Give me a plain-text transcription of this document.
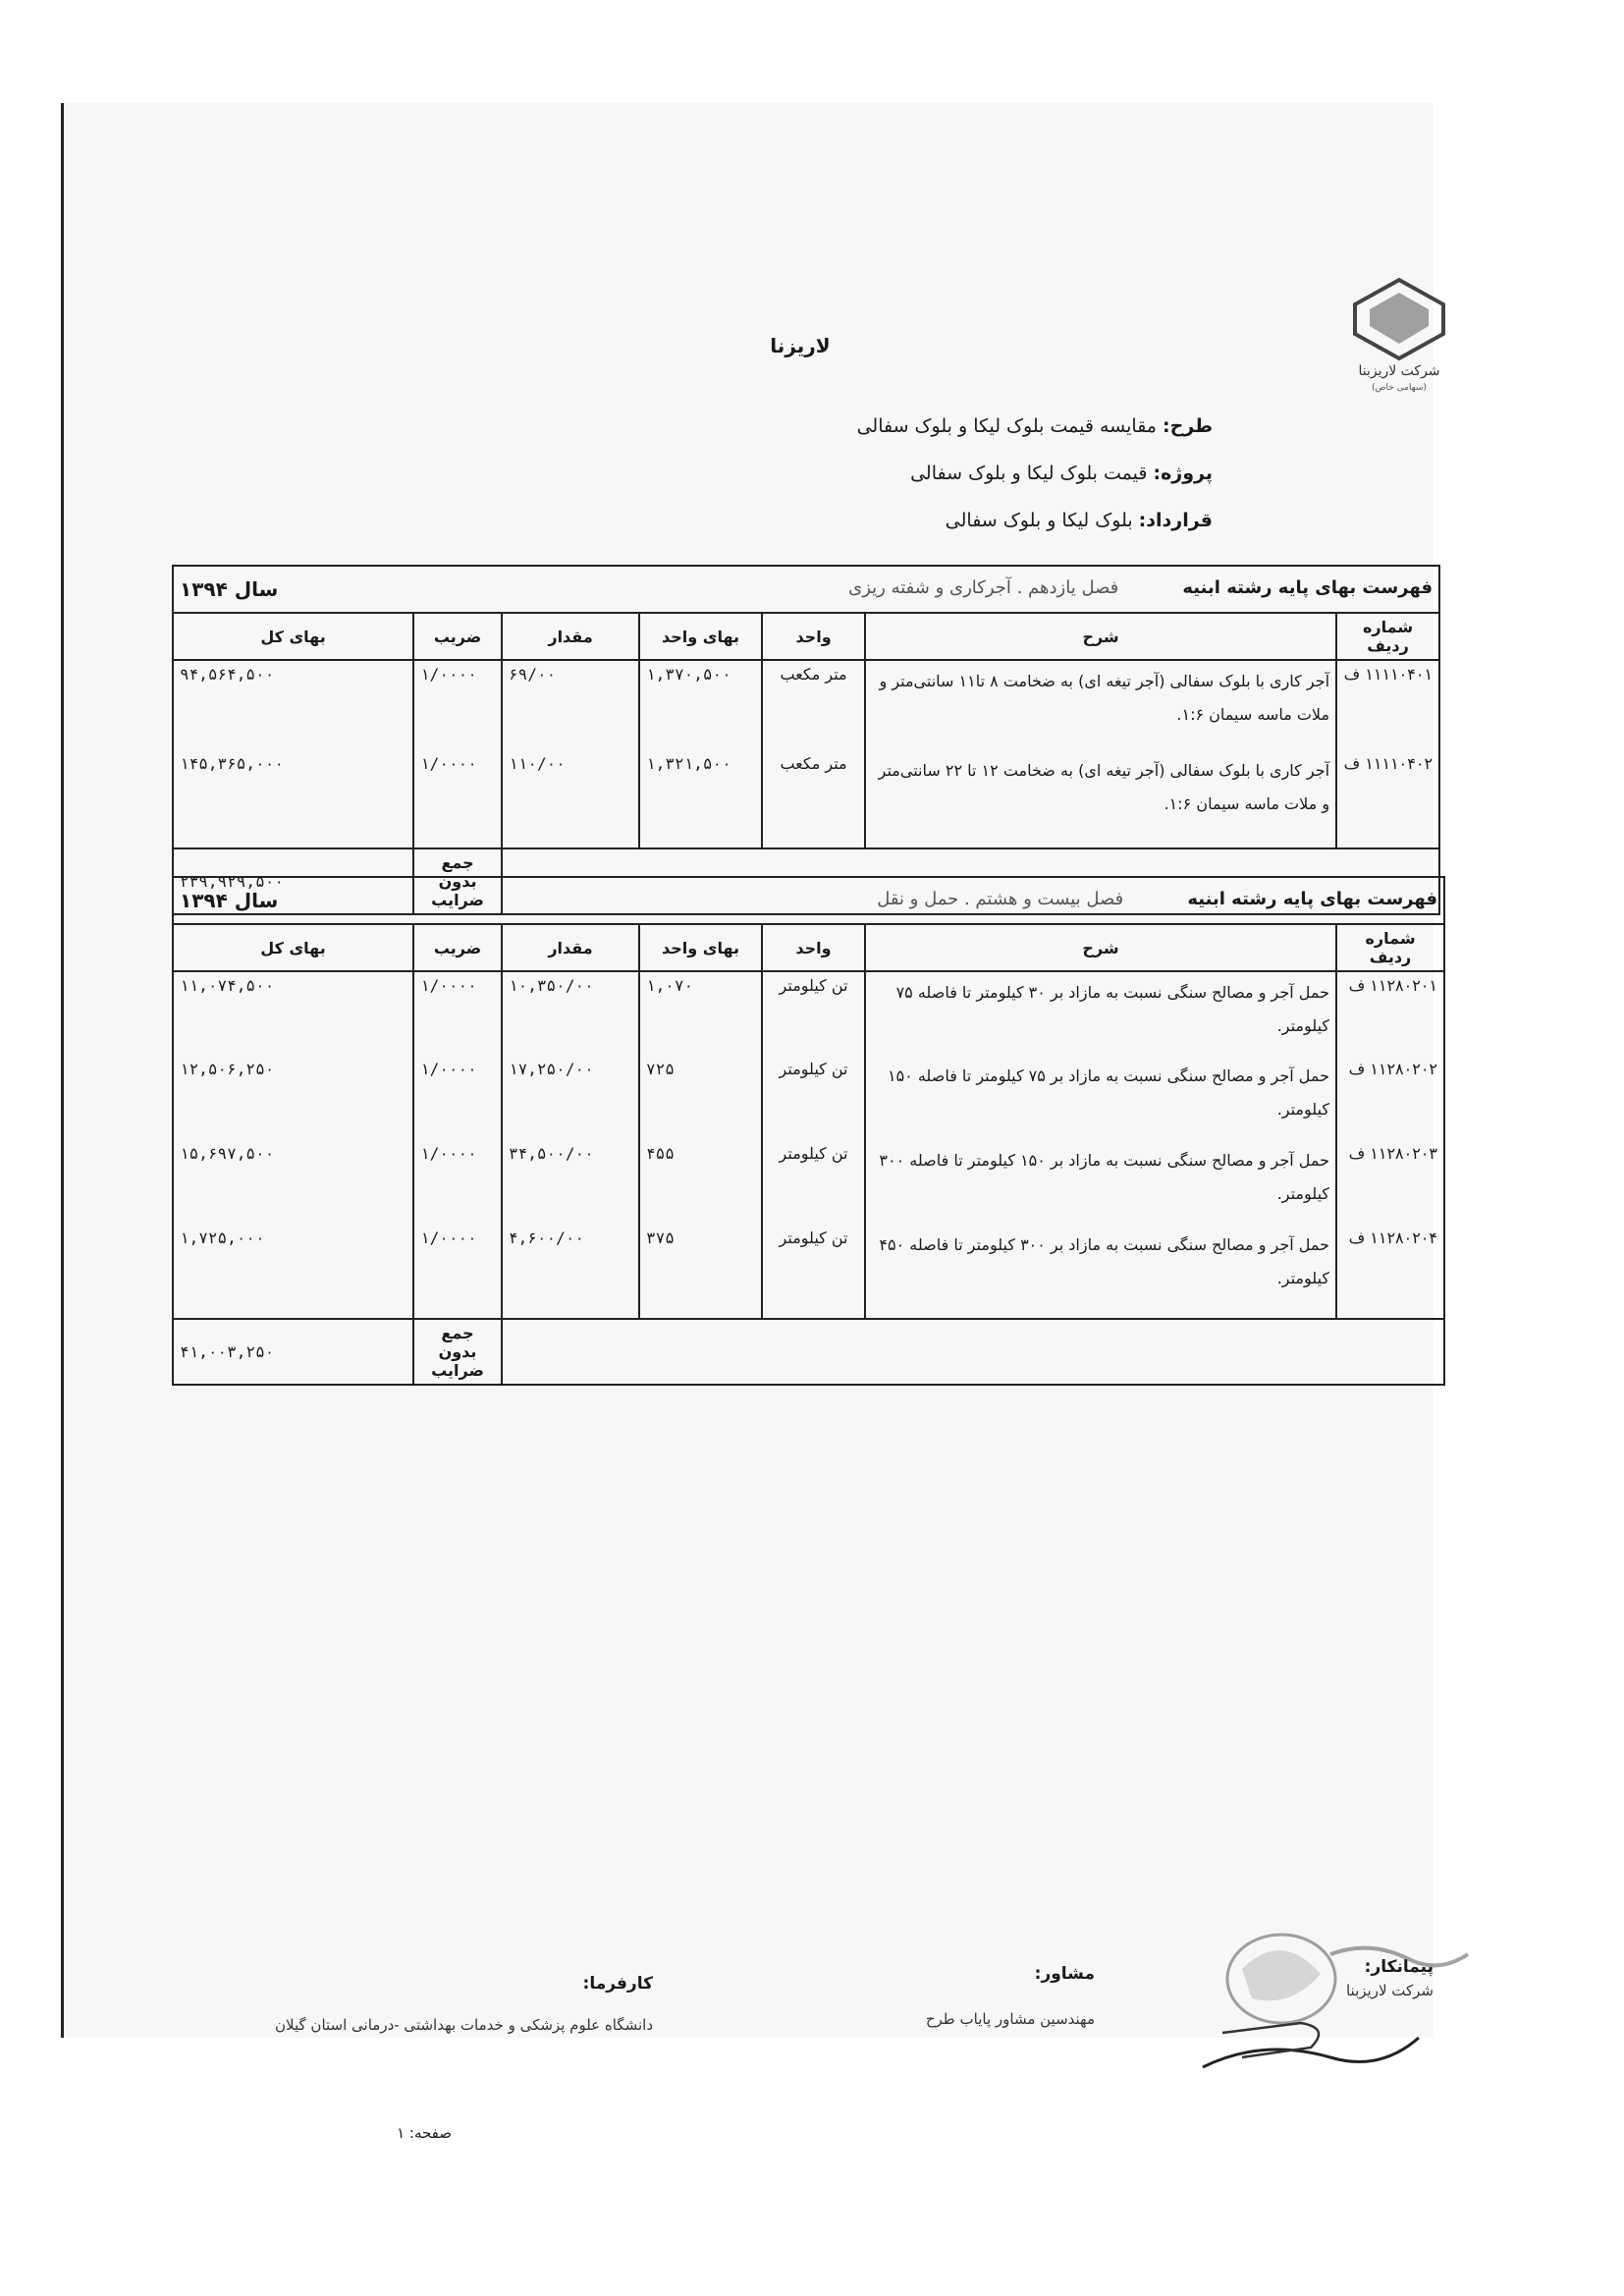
شرکت لاریزبنا
(سهامی خاص)
لاریزنا
طرح:مقایسه قیمت بلوک لیکا و بلوک سفالی
پروژه:قیمت بلوک لیکا و بلوک سفالی
قرارداد:بلوک لیکا و بلوک سفالی
فهرست بهای پایه رشته ابنیه فصل یازدهم . آجرکاری و شفته ریزی
سال ۱۳۹۴						

شماره ردیف	شرح	واحد	بهای واحد	مقدار	ضریب	بهای کل
۱۱۱۱۰۴۰۱ ف	آجر کاری با بلوک سفالی (آجر تیغه ای) به ضخامت ۸ تا۱۱ سانتی‌متر و ملات ماسه سیمان ۱:۶.	متر مکعب	۱,۳۷۰,۵۰۰	۶۹/۰۰	۱/۰۰۰۰	۹۴,۵۶۴,۵۰۰
۱۱۱۱۰۴۰۲ ف	آجر کاری با بلوک سفالی (آجر تیغه ای) به ضخامت ۱۲ تا ۲۲ سانتی‌متر و ملات ماسه سیمان ۱:۶.	متر مکعب	۱,۳۲۱,۵۰۰	۱۱۰/۰۰	۱/۰۰۰۰	۱۴۵,۳۶۵,۰۰۰
					جمع بدون ضرایب	۲۳۹,۹۲۹,۵۰۰
فهرست بهای پایه رشته ابنیه فصل بیست و هشتم . حمل و نقل
سال ۱۳۹۴						

شماره ردیف	شرح	واحد	بهای واحد	مقدار	ضریب	بهای کل
۱۱۲۸۰۲۰۱ ف	حمل آجر و مصالح سنگی نسبت به مازاد بر ۳۰ کیلومتر تا فاصله ۷۵ کیلومتر.	تن کیلومتر	۱,۰۷۰	۱۰,۳۵۰/۰۰	۱/۰۰۰۰	۱۱,۰۷۴,۵۰۰
۱۱۲۸۰۲۰۲ ف	حمل آجر و مصالح سنگی نسبت به مازاد بر ۷۵ کیلومتر تا فاصله ۱۵۰ کیلومتر.	تن کیلومتر	۷۲۵	۱۷,۲۵۰/۰۰	۱/۰۰۰۰	۱۲,۵۰۶,۲۵۰
۱۱۲۸۰۲۰۳ ف	حمل آجر و مصالح سنگی نسبت به مازاد بر ۱۵۰ کیلومتر تا فاصله ۳۰۰ کیلومتر.	تن کیلومتر	۴۵۵	۳۴,۵۰۰/۰۰	۱/۰۰۰۰	۱۵,۶۹۷,۵۰۰
۱۱۲۸۰۲۰۴ ف	حمل آجر و مصالح سنگی نسبت به مازاد بر ۳۰۰ کیلومتر تا فاصله ۴۵۰ کیلومتر.	تن کیلومتر	۳۷۵	۴,۶۰۰/۰۰	۱/۰۰۰۰	۱,۷۲۵,۰۰۰
					جمع بدون ضرایب	۴۱,۰۰۳,۲۵۰
پیمانکار:
شرکت لاریزبنا
مشاور:
مهندسین مشاور پایاب طرح
کارفرما:
دانشگاه علوم پزشکی و خدمات بهداشتی -درمانی استان گیلان
صفحه: ۱
